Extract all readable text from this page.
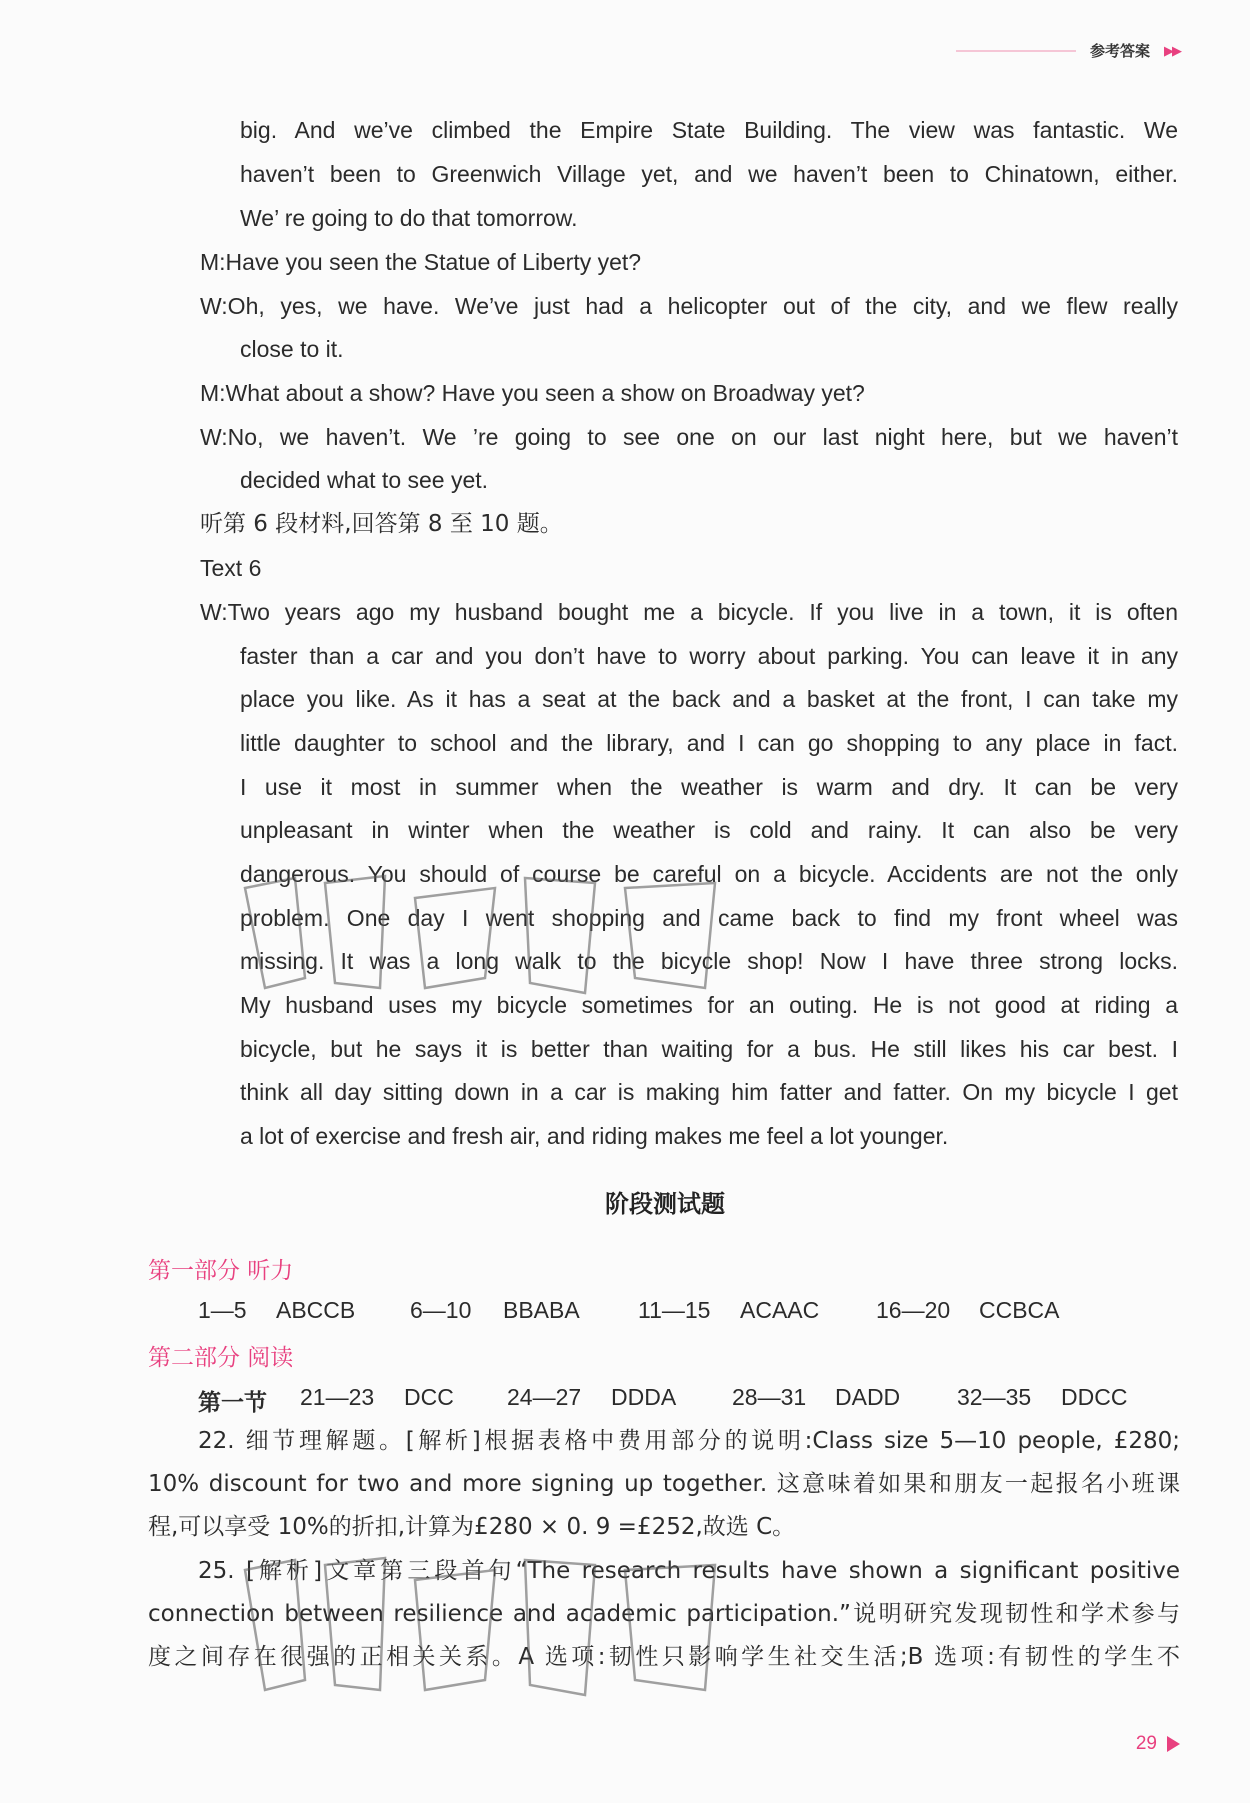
参考答案 ▶▶
big. And we’ve climbed the Empire State Building. The view was fantastic. We
haven’t been to Greenwich Village yet, and we haven’t been to Chinatown, either.
We’ re going to do that tomorrow.
M:Have you seen the Statue of Liberty yet?
W:Oh, yes, we have. We’ve just had a helicopter out of the city, and we flew really
close to it.
M:What about a show? Have you seen a show on Broadway yet?
W:No, we haven’t. We ’re going to see one on our last night here, but we haven’t
decided what to see yet.
听第 6 段材料,回答第 8 至 10 题。
Text 6
W:Two years ago my husband bought me a bicycle. If you live in a town, it is often
faster than a car and you don’t have to worry about parking. You can leave it in any
place you like. As it has a seat at the back and a basket at the front, I can take my
little daughter to school and the library, and I can go shopping to any place in fact.
I use it most in summer when the weather is warm and dry. It can be very
unpleasant in winter when the weather is cold and rainy. It can also be very
dangerous. You should of course be careful on a bicycle. Accidents are not the only
problem. One day I went shopping and came back to find my front wheel was
missing. It was a long walk to the bicycle shop! Now I have three strong locks.
My husband uses my bicycle sometimes for an outing. He is not good at riding a
bicycle, but he says it is better than waiting for a bus. He still likes his car best. I
think all day sitting down in a car is making him fatter and fatter. On my bicycle I get
a lot of exercise and fresh air, and riding makes me feel a lot younger.
阶段测试题
第一部分 听力
1—5 ABCCB 6—10 BBABA	11—15 ACAAC 16—20 CCBCA
第二部分 阅读
第一节 21—23 DCC 24—27 DDDA 28—31 DADD 32—35 DDCC
22. 细节理解题。[解析]根据表格中费用部分的说明:Class size 5—10 people, £280;
10% discount for two and more signing up together. 这意味着如果和朋友一起报名小班课
程,可以享受 10%的折扣,计算为£280 × 0. 9 =£252,故选 C。
25. [解析]文章第三段首句“The research results have shown a significant positive
connection between resilience and academic participation.”说明研究发现韧性和学术参与
度之间存在很强的正相关关系。A 选项:韧性只影响学生社交生活;B 选项:有韧性的学生不
29
